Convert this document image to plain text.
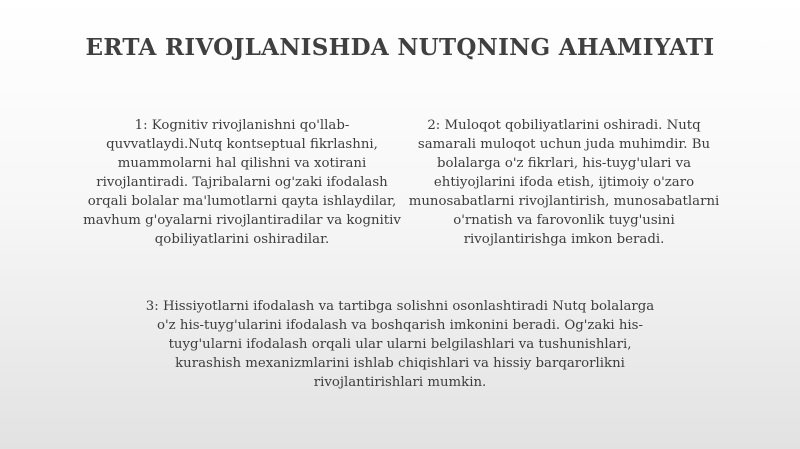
ERTA RIVOJLANISHDA NUTQNING AHAMIYATI

1: Kognitiv rivojlanishni qo'llab-quvvatlaydi.Nutq kontseptual fikrlashni, muammolarni hal qilishni va xotirani rivojlantiradi. Tajribalarni og'zaki ifodalash orqali bolalar ma'lumotlarni qayta ishlaydilar, mavhum g'oyalarni rivojlantiradilar va kognitiv qobiliyatlarini oshiradilar.

2: Muloqot qobiliyatlarini oshiradi. Nutq samarali muloqot uchun juda muhimdir. Bu bolalarga o'z fikrlari, his-tuyg'ulari va ehtiyojlarini ifoda etish, ijtimoiy o'zaro munosabatlarni rivojlantirish, munosabatlarni o'rnatish va farovonlik tuyg'usini rivojlantirishga imkon beradi.

3: Hissiyotlarni ifodalash va tartibga solishni osonlashtiradi Nutq bolalarga o'z his-tuyg'ularini ifodalash va boshqarish imkonini beradi. Og'zaki his-tuyg'ularni ifodalash orqali ular ularni belgilashlari va tushunishlari, kurashish mexanizmlarini ishlab chiqishlari va hissiy barqarorlikni rivojlantirishlari mumkin.
